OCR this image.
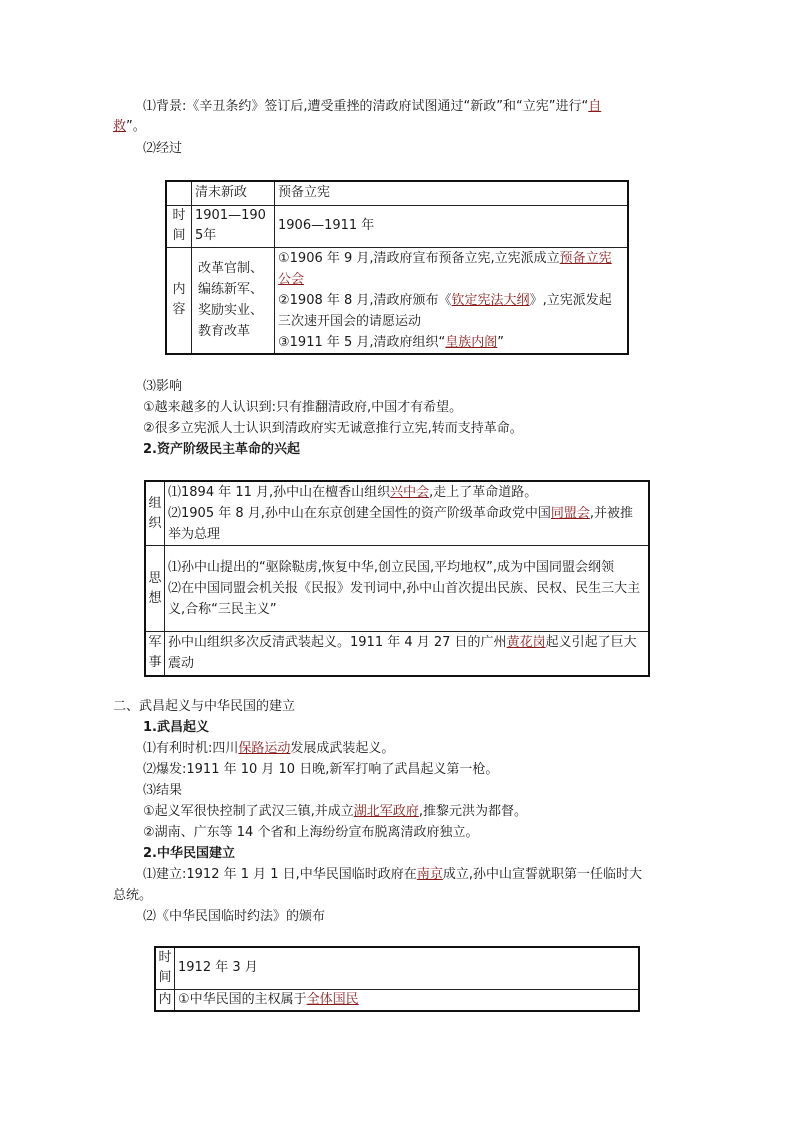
⑴背景:《辛丑条约》签订后,遭受重挫的清政府试图通过“新政”和“立宪”进行“自
救”。
⑵经过
	清末新政	预备立宪
时间	1901—1905年	1906—1911 年
内容	改革官制、编练新军、奖励实业、教育改革	①1906 年 9 月,清政府宣布预备立宪,立宪派成立预备立宪公会
②1908 年 8 月,清政府颁布《钦定宪法大纲》,立宪派发起三次速开国会的请愿运动
③1911 年 5 月,清政府组织“皇族内阁”
⑶影响
①越来越多的人认识到:只有推翻清政府,中国才有希望。
②很多立宪派人士认识到清政府实无诚意推行立宪,转而支持革命。
2.资产阶级民主革命的兴起
组织	⑴1894 年 11 月,孙中山在檀香山组织兴中会,走上了革命道路。
⑵1905 年 8 月,孙中山在东京创建全国性的资产阶级革命政党中国同盟会,并被推举为总理
思想	⑴孙中山提出的“驱除鞑虏,恢复中华,创立民国,平均地权”,成为中国同盟会纲领
⑵在中国同盟会机关报《民报》发刊词中,孙中山首次提出民族、民权、民生三大主义,合称“三民主义”

军事	孙中山组织多次反清武装起义。1911 年 4 月 27 日的广州黄花岗起义引起了巨大震动
二、武昌起义与中华民国的建立
1.武昌起义
⑴有利时机:四川保路运动发展成武装起义。
⑵爆发:1911 年 10 月 10 日晚,新军打响了武昌起义第一枪。
⑶结果
①起义军很快控制了武汉三镇,并成立湖北军政府,推黎元洪为都督。
②湖南、广东等 14 个省和上海纷纷宣布脱离清政府独立。
2.中华民国建立
⑴建立:1912 年 1 月 1 日,中华民国临时政府在南京成立,孙中山宣誓就职第一任临时大
总统。
⑵《中华民国临时约法》的颁布
时间	1912 年 3 月
内	①中华民国的主权属于全体国民
